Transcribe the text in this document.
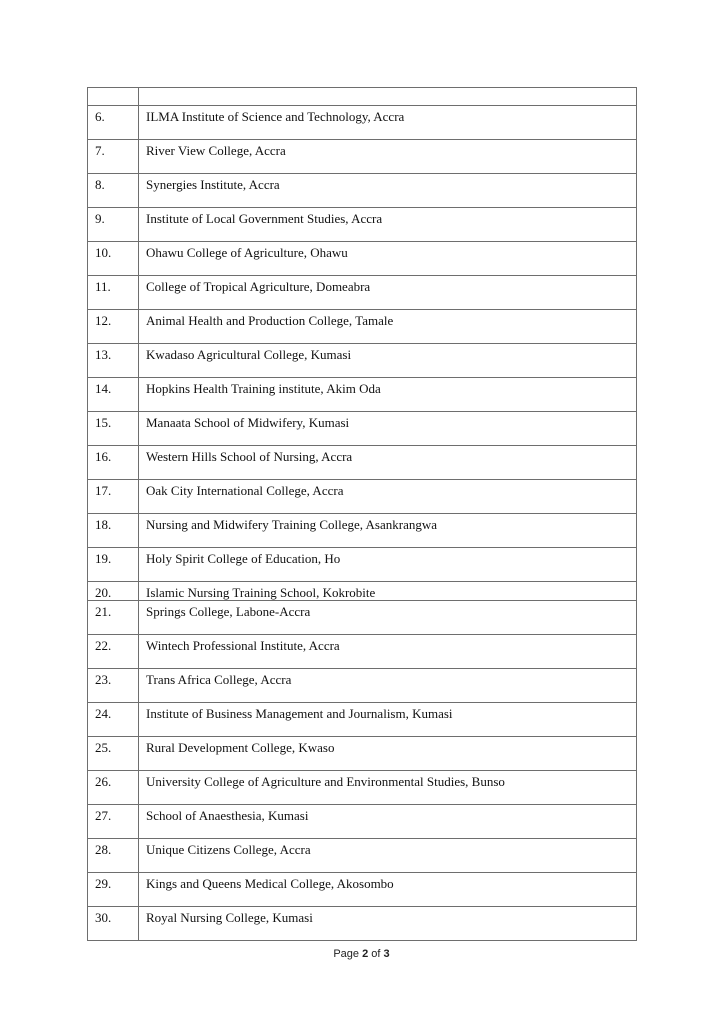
6.	ILMA Institute of Science and Technology, Accra
7.	River View College, Accra
8.	Synergies Institute, Accra
9.	Institute of Local Government Studies, Accra
10.	Ohawu College of Agriculture, Ohawu
11.	College of Tropical Agriculture, Domeabra
12.	Animal Health and Production College, Tamale
13.	Kwadaso Agricultural College, Kumasi
14.	Hopkins Health Training institute, Akim Oda
15.	Manaata School of Midwifery, Kumasi
16.	Western Hills School of Nursing, Accra
17.	Oak City International College, Accra
18.	Nursing and Midwifery Training College, Asankrangwa
19.	Holy Spirit College of Education, Ho
20.	Islamic Nursing Training School, Kokrobite
21.	Springs College, Labone-Accra
22.	Wintech Professional Institute, Accra
23.	Trans Africa College, Accra
24.	Institute of Business Management and Journalism, Kumasi
25.	Rural Development College, Kwaso
26.	University College of Agriculture and Environmental Studies, Bunso
27.	School of Anaesthesia, Kumasi
28.	Unique Citizens College, Accra
29.	Kings and Queens Medical College, Akosombo
30.	Royal Nursing College, Kumasi
Page 2 of 3
